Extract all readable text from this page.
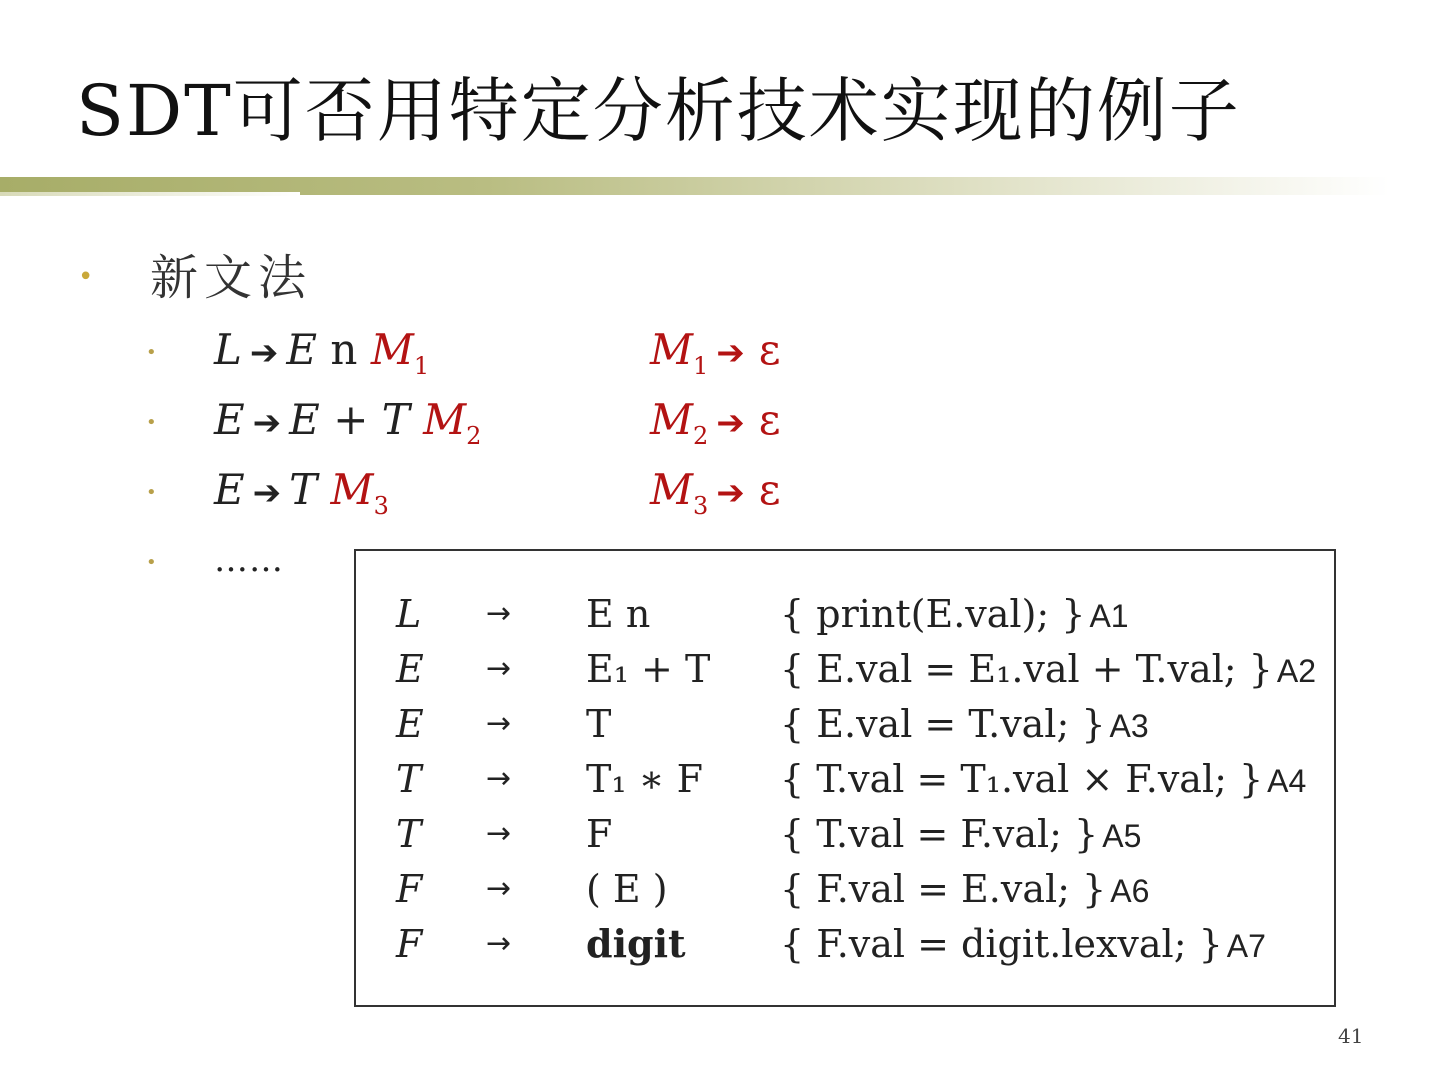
SDT可否用特定分析技术实现的例子
• 新文法
• L ➔ E n $M_1$	$M_1$ ➔ ε
• E ➔ E + T $M_2$	$M_2$ ➔ ε
• E ➔ T $M_3$	$M_3$ ➔ ε
• ……
L → E n	{ print(E.val); } A1
E → E₁ + T { E.val = E₁.val + T.val; } A2
E → T	{ E.val = T.val; } A3
T → T₁ ∗ F { T.val = T₁.val × F.val; } A4
T → F	{ T.val = F.val; } A5
F → ( E )	{ F.val = E.val; } A6
F → digit { F.val = digit.lexval; } A7
41
